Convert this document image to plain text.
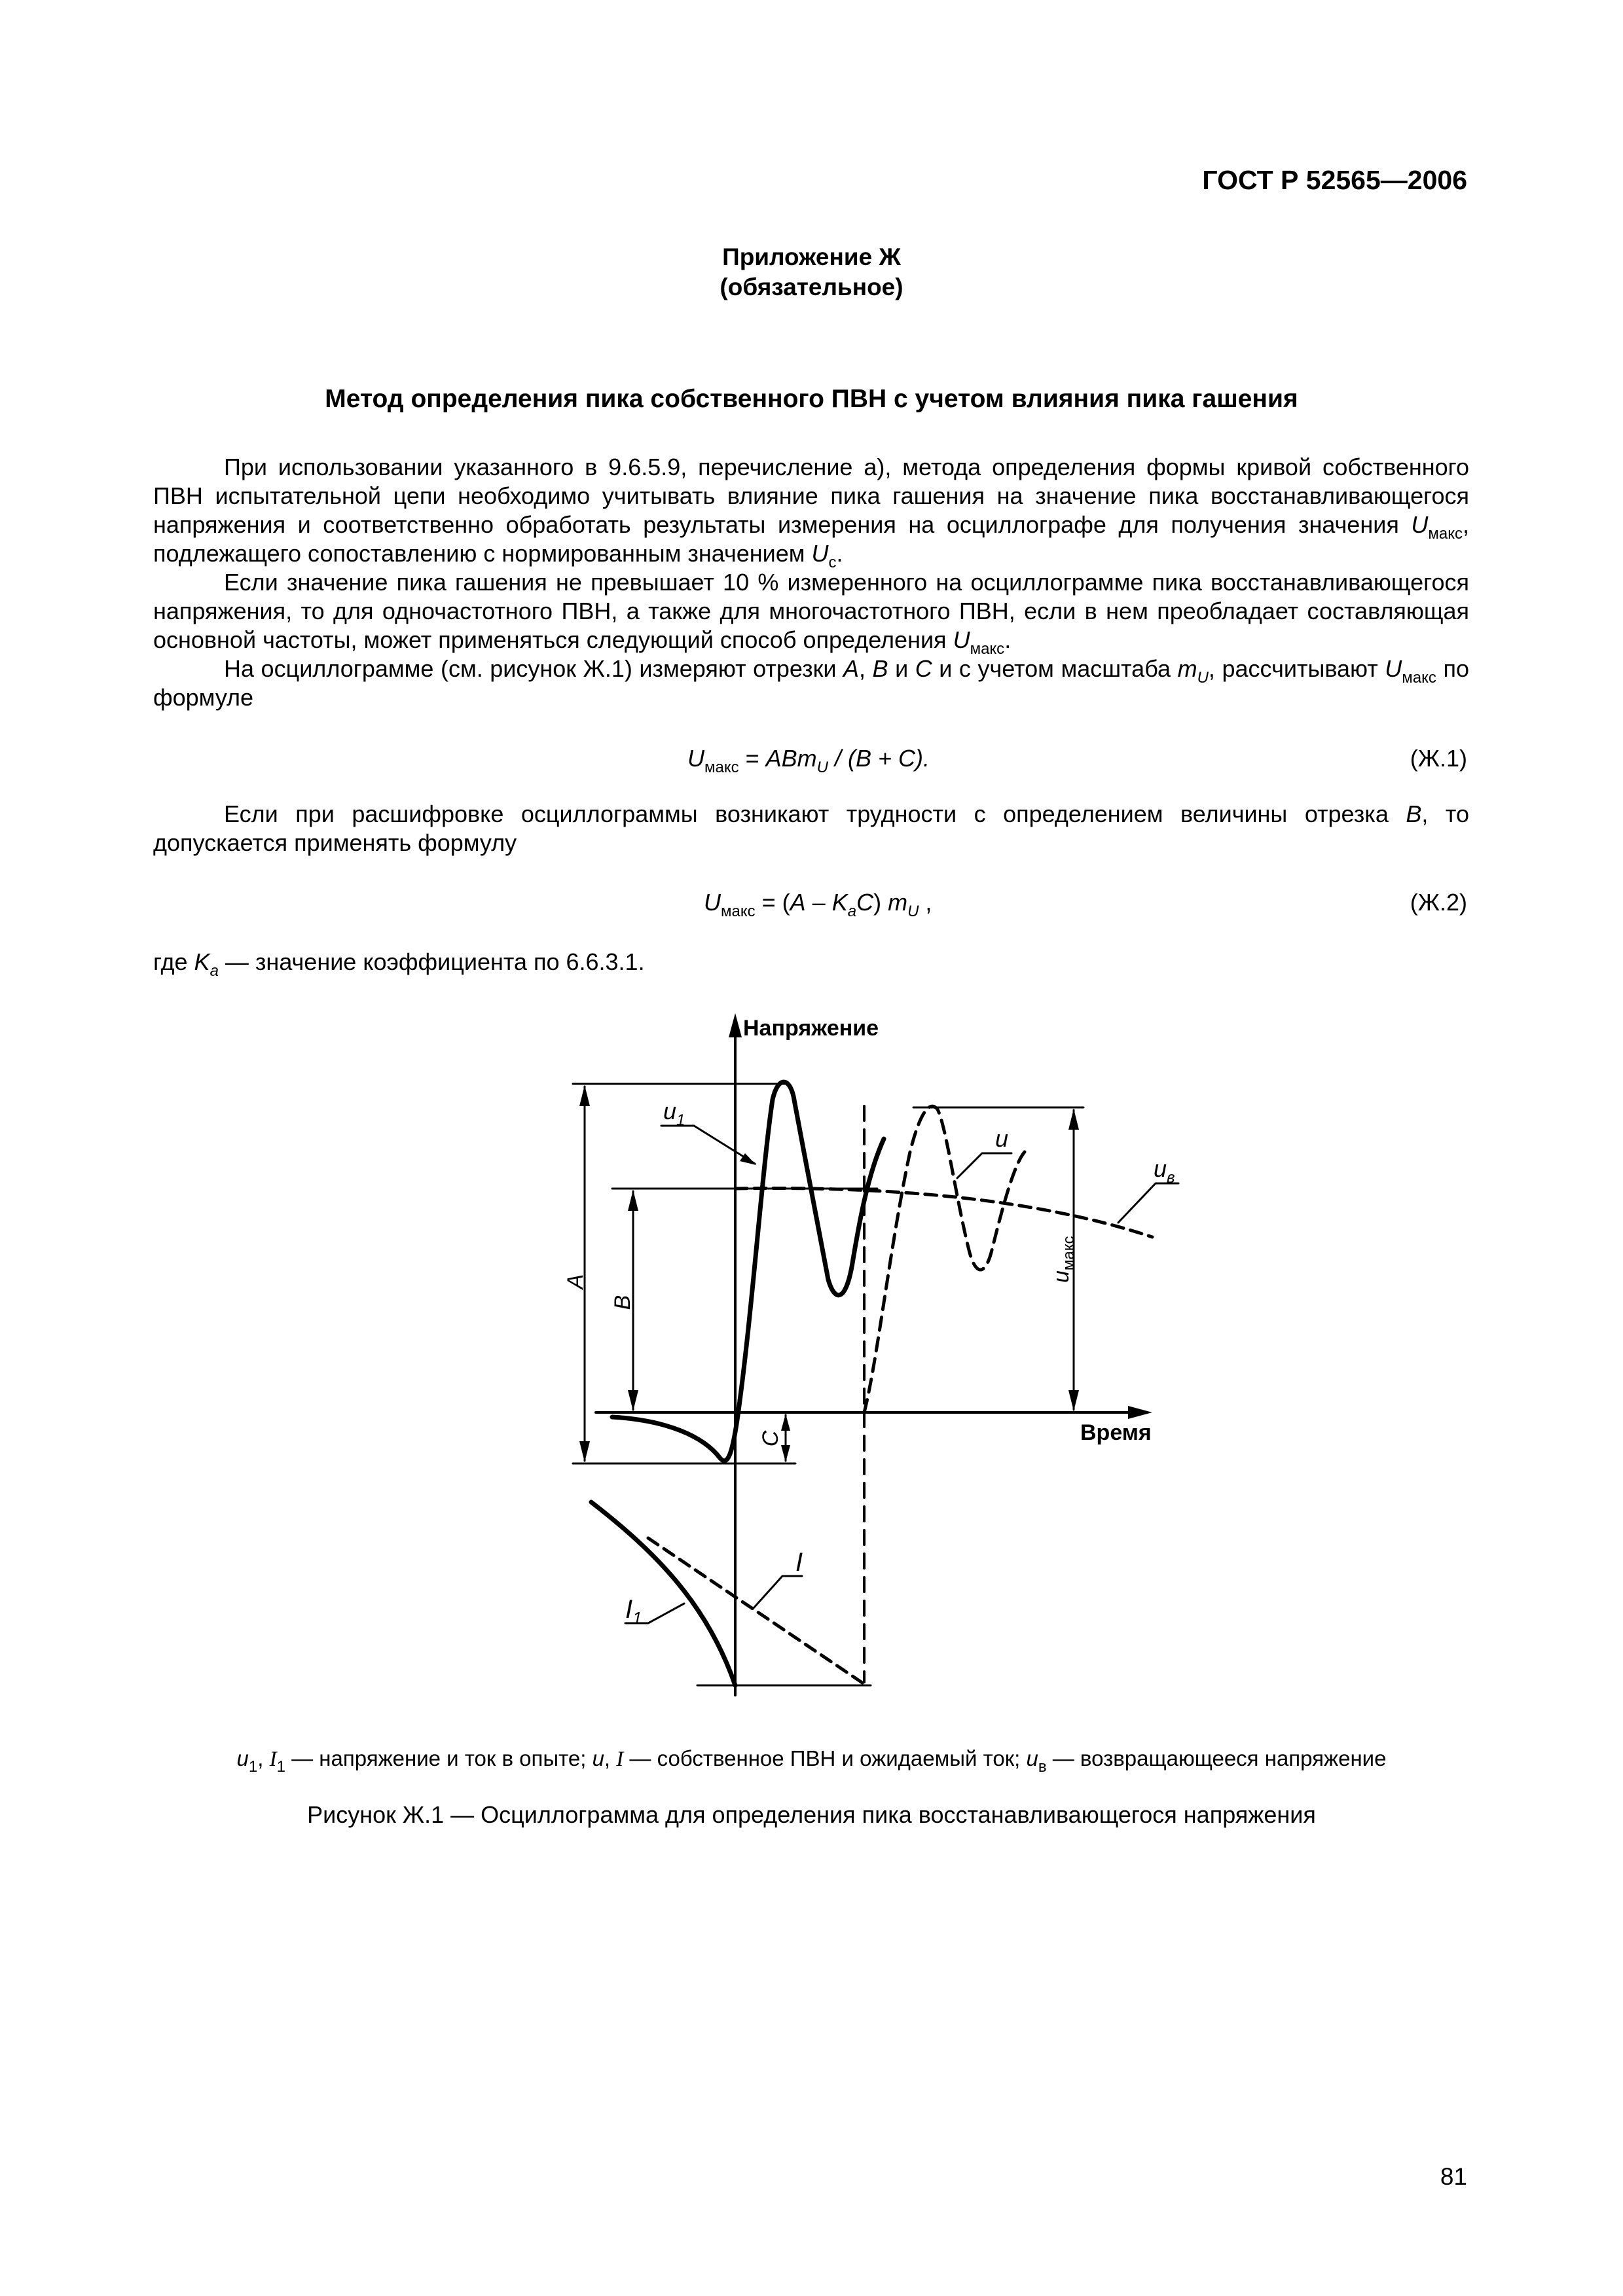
ГОСТ Р 52565—2006
Приложение Ж
(обязательное)
Метод определения пика собственного ПВН с учетом влияния пика гашения
При использовании указанного в 9.6.5.9, перечисление а), метода определения формы кривой собственного ПВН испытательной цепи необходимо учитывать влияние пика гашения на значение пика восстанавливающегося напряжения и соответственно обработать результаты измерения на осциллографе для получения значения $U_{макс}$, подлежащего сопоставлению с нормированным значением $U_с$.
Если значение пика гашения не превышает 10 % измеренного на осциллограмме пика восстанавливающегося напряжения, то для одночастотного ПВН, а также для многочастотного ПВН, если в нем преобладает составляющая основной частоты, может применяться следующий способ определения $U_{макс}$.
На осциллограмме (см. рисунок Ж.1) измеряют отрезки А, В и С и с учетом масштаба $m_U$, рассчитывают $U_{макс}$ по формуле
$U_{макс} = ABm_U / (B + C)$.	(Ж.1)
Если при расшифровке осциллограммы возникают трудности с определением величины отрезка В, то допускается применять формулу
$U_{макс} = (A - K_aC)$ $m_U$ ,	(Ж.2)
где $K_a$ — значение коэффициента по 6.6.3.1.
Напряжение
Время
$u_1$
u
$u_в$
I
$I_1$
A
B
C
$u_{макс}$
$u_1$, $I_1$ — напряжение и ток в опыте; u, I — собственное ПВН и ожидаемый ток; $u_в$ — возвращающееся напряжение
Рисунок Ж.1 — Осциллограмма для определения пика восстанавливающегося напряжения
81
